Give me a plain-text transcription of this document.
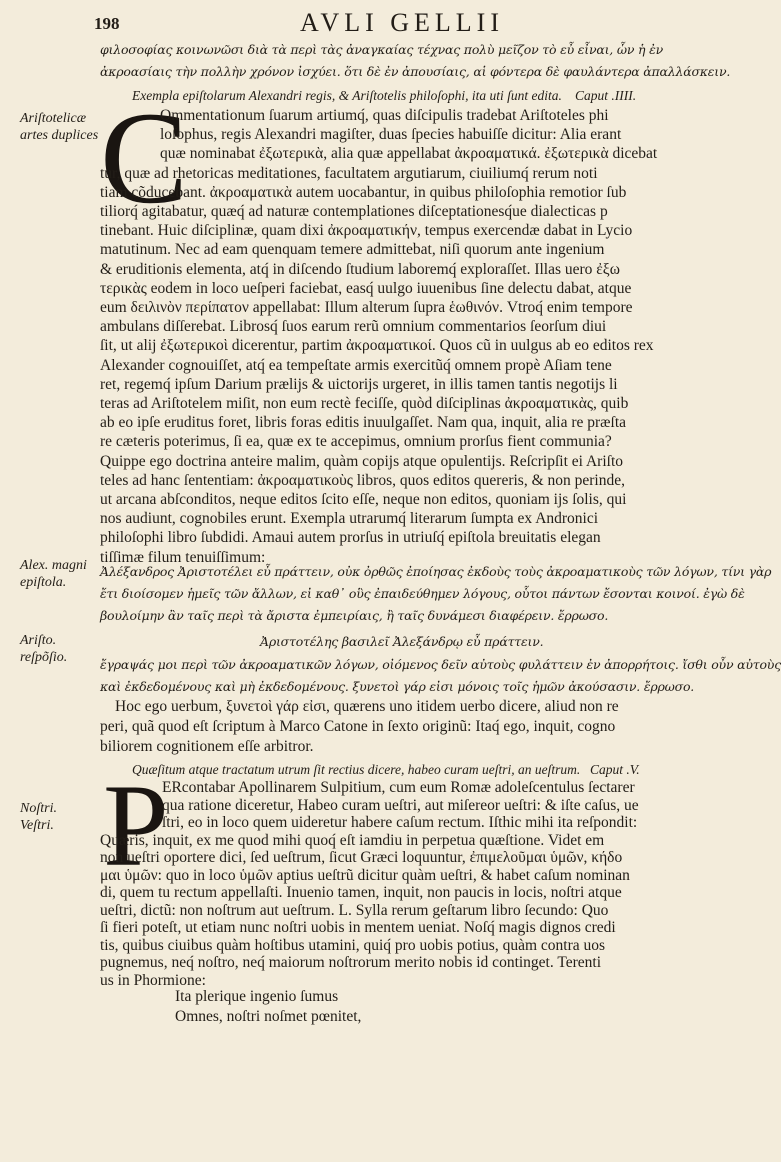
198	AVLI GELLII
φιλοσοφίας κοινωνῶσι διὰ τὰ περὶ τὰς ἀναγκαίας τέχνας πολὺ μεῖζον τὸ εὖ εἶναι, ὧν ἡ ἐν
ἀκροασίαις τὴν πολλὴν χρόνον ἰσχύει. ὅτι δὲ ἐν ἀπουσίαις, αἱ φόντερα δὲ φαυλάντερα ἀπαλλάσκειν.
Exempla epiſtolarum Alexandri regis, & Ariſtotelis philoſophi, ita uti ſunt edita. Caput .IIII.
Ariſtotelicæ artes duplices C
Ommentationum ſuarum artiumq́, quas diſcipulis tradebat Ariſtoteles phi
loſophus, regis Alexandri magiſter, duas ſpecies habuiſſe dicitur: Alia erant
quæ nominabat ἐξωτερικὰ, alia quæ appellabat ἀκροαματικά. ἐξωτερικὰ dicebat
tur, quæ ad rhetoricas meditationes, facultatem argutiarum, ciuiliumq́ rerum noti
tiam cõducebant. ἀκροαματικὰ autem uocabantur, in quibus philoſophia remotior ſub
tiliorq́ agitabatur, quæq́ ad naturæ contemplationes diſceptationesq́ue dialecticas p
tinebant. Huic diſciplinæ, quam dixi ἀκροαματικήν, tempus exercendæ dabat in Lycio
matutinum. Nec ad eam quenquam temere admittebat, niſi quorum ante ingenium
& eruditionis elementa, atq́ in diſcendo ſtudium laboremq́ exploraſſet. Illas uero ἐξω
τερικὰς eodem in loco ueſperi faciebat, easq́ uulgo iuuenibus ſine delectu dabat, atque
eum δειλινὸν περίπατον appellabat: Illum alterum ſupra ἑωθινόν. Vtroq́ enim tempore
ambulans diſſerebat. Librosq́ ſuos earum rerũ omnium commentarios ſeorſum diui
ſit, ut alij ἐξωτερικοὶ dicerentur, partim ἀκροαματικοί. Quos cũ in uulgus ab eo editos rex
Alexander cognouiſſet, atq́ ea tempeſtate armis exercitũq́ omnem propè Aſiam tene
ret, regemq́ ipſum Darium prælijs & uictorijs urgeret, in illis tamen tantis negotijs li
teras ad Ariſtotelem miſit, non eum rectè feciſſe, quòd diſciplinas ἀκροαματικὰς, quib
ab eo ipſe eruditus foret, libris foras editis inuulgaſſet. Nam qua, inquit, alia re præſta
re cæteris poterimus, ſi ea, quæ ex te accepimus, omnium prorſus fient communia?
Quippe ego doctrina anteire malim, quàm copijs atque opulentijs. Reſcripſit ei Ariſto
teles ad hanc ſententiam: ἀκροαματικοὺς libros, quos editos quereris, & non perinde,
ut arcana abſconditos, neque editos ſcito eſſe, neque non editos, quoniam ijs ſolis, qui
nos audiunt, cognobiles erunt. Exempla utrarumq́ literarum ſumpta ex Andronici
philoſophi libro ſubdidi. Amaui autem prorſus in utriuſq́ epiſtola breuitatis elegan
tiſſimæ filum tenuiſſimum:
Alex. magni epiſtola.
Ἀλέξανδρος Ἀριστοτέλει εὖ πράττειν, οὐκ ὀρθῶς ἐποίησας ἐκδοὺς τοὺς ἀκροαματικοὺς τῶν λόγων, τίνι γὰρ
ἔτι διοίσομεν ἡμεῖς τῶν ἄλλων, εἰ καθ᾽ οὓς ἐπαιδεύθημεν λόγους, οὗτοι πάντων ἔσονται κοινοί. ἐγὼ δὲ
βουλοίμην ἂν ταῖς περὶ τὰ ἄριστα ἐμπειρίαις, ἢ ταῖς δυνάμεσι διαφέρειν. ἔρρωσο.
Ἀριστοτέλης βασιλεῖ Ἀλεξάνδρῳ εὖ πράττειν.
Ariſto. reſpõſio.	ἔγραψάς μοι περὶ τῶν ἀκροαματικῶν λόγων, οἰόμενος δεῖν αὐτοὺς φυλάττειν ἐν ἀπορρήτοις. ἴσθι οὖν αὐτοὺς
καὶ ἐκδεδομένους καὶ μὴ ἐκδεδομένους. ξυνετοὶ γάρ εἰσι μόνοις τοῖς ἡμῶν ἀκούσασιν. ἔρρωσο.
Hoc ego uerbum, ξυνετοὶ γάρ εἰσι, quærens uno itidem uerbo dicere, aliud non re
peri, quã quod eſt ſcriptum à Marco Catone in ſexto originũ: Itaq́ ego, inquit, cogno
biliorem cognitionem eſſe arbitror.
Quæſitum atque tractatum utrum ſit rectius dicere, habeo curam ueſtri, an ueſtrum. Caput .V.
P
Noſtri. Veſtri.
ERcontabar Apollinarem Sulpitium, cum eum Romæ adoleſcentulus ſectarer
qua ratione diceretur, Habeo curam ueſtri, aut miſereor ueſtri: & iſte caſus, ue
ſtri, eo in loco quem uideretur habere caſum rectum. Iſthic mihi ita reſpondit:
Quæris, inquit, ex me quod mihi quoq́ eſt iamdiu in perpetua quæſtione. Videt em
non ueſtri oportere dici, ſed ueſtrum, ſicut Græci loquuntur, ἐπιμελοῦμαι ὑμῶν, κήδο
μαι ὑμῶν: quo in loco ὑμῶν aptius ueſtrũ dicitur quàm ueſtri, & habet caſum nominan
di, quem tu rectum appellaſti. Inuenio tamen, inquit, non paucis in locis, noſtri atque
ueſtri, dictũ: non noſtrum aut ueſtrum. L. Sylla rerum geſtarum libro ſecundo: Quo
ſi fieri poteſt, ut etiam nunc noſtri uobis in mentem ueniat. Noſq́ magis dignos credi
tis, quibus ciuibus quàm hoſtibus utamini, quiq́ pro uobis potius, quàm contra uos
pugnemus, neq́ noſtro, neq́ maiorum noſtrorum merito nobis id continget. Terenti
us in Phormione:
Ita plerique ingenio ſumus
Omnes, noſtri noſmet pœnitet,
